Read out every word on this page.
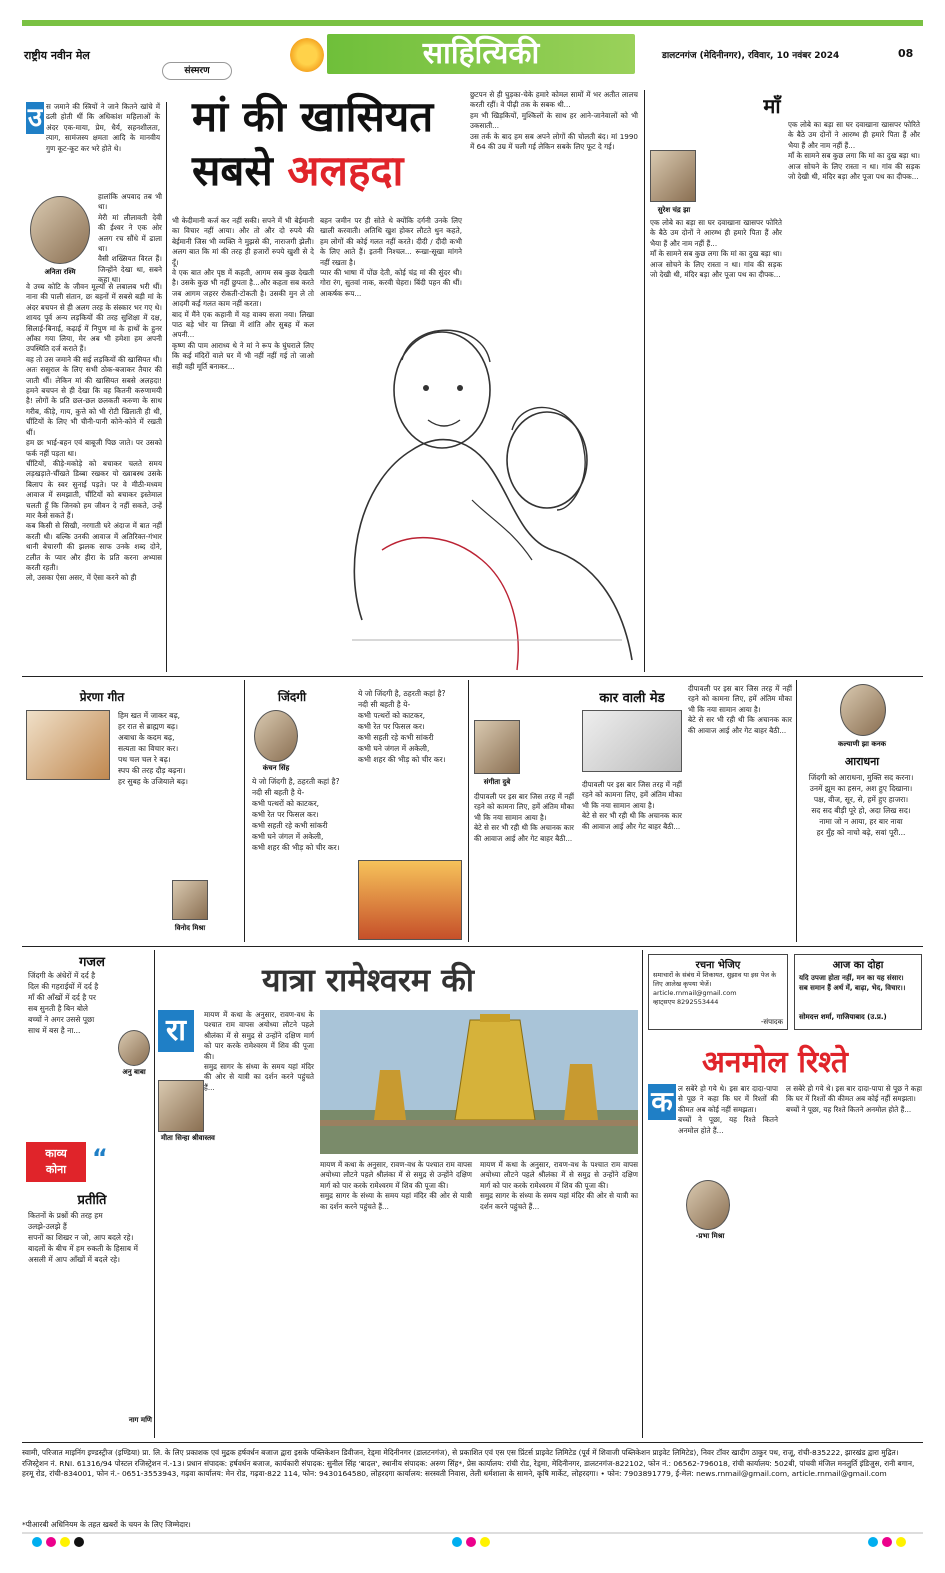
राष्ट्रीय नवीन मेल	साहित्यिकी	डालटनगंज (मेदिनीनगर), रविवार, 10 नवंबर 2024	08
संस्मरण
मां की खासियत
सबसे अलहदा
उ स जमाने की स्त्रियों ने जाने कितने खांचे में ढली होती थीं कि अधिकांश महिलाओं के अंदर एक-माया, प्रेम, धैर्य, सहनशीलता, त्याग, सामंजस्य क्षमता आदि के मानवीय गुण कूट-कूट कर भरे होते थे।
अनिता रश्मि
हालांकि अपवाद तब भी था।
मेरी मां लीलावती देवी की ईश्वर ने एक ओर अलग रच सौंधे में ढाला था।
वैसी शख्सियत विरल हैं। जिन्होंने देखा था, सबने कहा था।
वे उच्च कोटि के जीवन मूल्यों से लबालब भरी थीं। नाना की पाली संतान, छः बहनों में सबसे बड़ी मां के अंदर बचपन से ही अलग तरह के संस्कार भर गए थे। शायद पूर्व अन्य लड़कियों की तरह सुशिक्षा में दक्ष, सिलाई-बिनाई, कढ़ाई में निपुण मां के हाथों के हुनर आँका गया लिया, मेर अब भी हमेशा हम अपनी उपस्थिति दर्ज कराते हैं।
वह तो उस जमाने की सई लड़कियों की खासियत थी। अतः ससुराल के लिए सभी ठोक-बजाकर तैयार की जाती थीं। लेकिन मां की खासियत सबसे अलहदा! हमने बचपन से ही देखा कि वह कितनी करुणामयी है! लोगों के प्रति छल-छल छलकती करुणा के साथ गरीब, कीड़े, गाय, कुत्ते को भी रोटी खिलाती ही थी, चींटियों के लिए भी चीनी-पानी कोने-कोने में रखती थीं।
हम छः भाई-बहन एवं बाबूजी पिछ जाते। पर उसको फर्क नहीं पड़ता था।
चींटियों, कीड़े-मकोड़े को बचाकर चलते समय लड़खड़ाते-चींखते डिब्बा रखकर यो ख्वाबस्थ उसके बिलाप के स्वर सुनाई पड़ते। पर वे मीठी-मध्यम आवाज में समझाती, चींटियों को बचाकर इस्तेमाल चलती हूँ कि जिनको हम जीवन दे नहीं सकते, उन्हें मार कैसे सकते हैं।
कब किसी से सिखी, नरगाती घरे अंदाज में बात नहीं करती थी। बल्कि उनकी आवाज में अतिरिक्त-गंभार थानी बेचारगी की झलक साफ उनके शब्द दोने, टलीत के प्यार और हीरा के प्रति करना अभ्यास करती रहती।
लो, उसका ऐसा असर, में ऐसा करने को ही
भी केदीमानी कर्ज कर नहीं सकी। सपने में भी बेईमानी का विचार नहीं आया। और तो और दो रुपये की बेईमानी जिस भी व्यक्ति ने मुझसे की, नाराजगी झेली। अलग बात कि मां की तरह ही हजारों रुपये खुशी से दे दूँ।
वे एक बात और पृष्ठ में कहती, आगम सब कुछ देखती है। उसके कुछ भी नहीं छुपता है...और कहता सब करते जब आगम जहरर रोकती-टोकती है। उसकी मुन ले तो आदमी कई गलत काम नहीं करता।
बाद में मैंने एक कहानी में यह वाक्य सजा नया। लिखा पाठ बड़े भोर या लिखा में शांति और सुबह में कल अपनी...
कृष्ण की पाम आराध्य थे ने मां ने रूप के घुंघराले लिए कि कई मंदिरों वाले घर में भी नहीं नहीं गई तो जाओ सही वही मूर्ति बनाकर...
बहन जमीन पर ही सोते थे क्योंकि दर्गनी उनके लिए खाली करवाती। अतिथि खुश होकर लौटते थुन कहते, हम लोगों की कोई गलत नहीं करते। दीदी / दीदी कभी के लिए आते हैं। इतनी निश्चल... रूखा-सूखा मांगने नहीं रखता है।
प्यार की भाषा में पोंछ देती, कोई चंद्र मां की सुंदर थी। गोरा रंग, सुतवां नाक, करवी चेहरा। बिंदी पहन की थीं। आकर्षक रूप...
छुटपन से ही घुड़का-चेके हमारे कोमल सामों में भर अतीत लालच करती रहीं। वे पीढ़ी तक के सबक थी...
हम भी खिड़कियों, मुश्किलों के साथ हर आने-जानेवालों को भी उकसाती...
उस तर्क के बाद हम सब अपने लोगों की चोलती बंद। मां 1990 में 64 की उम्र में चली गई लेकिन सबके लिए फूट दे गई।
माँ
सुरेश चंद्र झा
एक लोबे का बड़ा सा घर दवाखाना खासपर फोरिते के बैठे उम दोनों ने आरम्भ ही हमारे पिता हैं और भैया हैं और नाम नहीं हैं...
माँ के सामने सब कुछ लगा कि मां का दुख बड़ा था। आज सोचने के लिए रास्ता न था। गांव की सड़क जो देखी थी, मंदिर बड़ा और पूजा पथ का दीपक...
एक लोबे का बड़ा सा घर दवाखाना खासपर फोरिते के बैठे उम दोनों ने आरम्भ ही हमारे पिता हैं और भैया हैं और नाम नहीं हैं...
माँ के सामने सब कुछ लगा कि मां का दुख बड़ा था। आज सोचने के लिए रास्ता न था। गांव की सड़क जो देखी थी, मंदिर बड़ा और पूजा पथ का दीपक...
प्रेरणा गीत
हिम खत में जाकर बढ़,
हर रात से ब्राह्मण बढ़।
अबाधा के कदम बढ़,
सत्यता का विचार कर।
पथ चल चल रे बढ़।
स्पप की तरह दौड़ बढ़ना।
हर सुबह के उजियाले बढ़।
विनोद मिश्रा
जिंदगी
कंचन सिंह
ये जो जिंदगी है, ठहरती कहां है?
नदी सी बहती है ये-
कभी पत्थरों को काटकर,
कभी रेत पर फिसल कर।
कभी सहती रहे कभी सांकरी
कभी घने जंगल में अकेली,
कभी शहर की भीड़ को चीर कर।
ये जो जिंदगी है, ठहरती कहां है?
नदी सी बहती है ये-
कभी पत्थरों को काटकर,
कभी रेत पर फिसल कर।
कभी सहती रहे कभी सांकरी
कभी घने जंगल में अकेली,
कभी शहर की भीड़ को चीर कर।
संगीता दुबे
दीपावली पर इस बार जिस तरह में नहीं रहने को कामना लिए, हमें अंतिम मौका भी कि नया सामान आया है।
बेटे से सर भी रही थी कि अचानक कार की आवाज आई और गेट बाहर बैठी...
कार वाली मेड
दीपावली पर इस बार जिस तरह में नहीं रहने को कामना लिए, हमें अंतिम मौका भी कि नया सामान आया है।
बेटे से सर भी रही थी कि अचानक कार की आवाज आई और गेट बाहर बैठी...
दीपावली पर इस बार जिस तरह में नहीं रहने को कामना लिए, हमें अंतिम मौका भी कि नया सामान आया है।
बेटे से सर भी रही थी कि अचानक कार की आवाज आई और गेट बाहर बैठी...
कल्याणी झा कनक
आराधना
जिंदगी को आराधना, मुक्ति सद करना।
उनमें झूम का हसन, अश हुए दिखाना।
पक्ष, वीज, सूर, से, हमें हुए हाजरा।
सद सद बीड़ी पूरे हो, अदा लिख सद।
नामा जो न आया, हर बार नावा
हर मुँह को नाचो बढ़े, सवां पूरी...
गजल
जिंदगी के अंधेरों में दर्द है
दिल की गहराईयों में दर्द है
माँ की आँखों में दर्द है पर
सब सुनती है बिन बोले
बच्चों ने अगर उससे पूछा
साथ में बस है ना...
अनु बाबा
काव्य
कोना	“
प्रतीति
कितनों के प्रश्नों की तरह हम
उलझे-उलझे हैं
सपनों का शिखर न जो, आप बदले रहे।
बादलों के बीच में हम रुकती के हिसाब में
असली में आप आँखों में बदले रहे।
नाग मणि
यात्रा रामेश्वरम की
रा
मीता सिन्हा श्रीवास्तव
मायण में कथा के अनुसार, रावण-वध के पश्चात राम वापस अयोध्या लौटने पहले श्रीलंका में से समुद्र से उन्होंने दक्षिण मार्ग को पार करके रामेश्वरम में शिव की पूजा की।
समुद्र सागर के संध्या के समय यहां मंदिर की ओर से यात्री का दर्शन करने पहुंचते हैं...
मायण में कथा के अनुसार, रावण-वध के पश्चात राम वापस अयोध्या लौटने पहले श्रीलंका में से समुद्र से उन्होंने दक्षिण मार्ग को पार करके रामेश्वरम में शिव की पूजा की।
समुद्र सागर के संध्या के समय यहां मंदिर की ओर से यात्री का दर्शन करने पहुंचते हैं...
मायण में कथा के अनुसार, रावण-वध के पश्चात राम वापस अयोध्या लौटने पहले श्रीलंका में से समुद्र से उन्होंने दक्षिण मार्ग को पार करके रामेश्वरम में शिव की पूजा की।
समुद्र सागर के संध्या के समय यहां मंदिर की ओर से यात्री का दर्शन करने पहुंचते हैं...
रचना भेजिए
समाचारों के संबंध में शिकायत, सुझाव या इस पेज के लिए आलेख कृपया भेजें।
article.rnmail@gmail.com
व्हाट्सएप 8292553444
-संपादक
आज का दोहा
यदि उपजा होता नहीं, मन का यह संसार।
सब समान हैं अर्थ में, बाढ़ा, भेद, विचार।।
सोमदत्त शर्मा, गाजियाबाद (उ.प्र.)
अनमोल रिश्ते
क
-प्रभा मिश्रा
ल सबेरे हो गये थे। इस बार दादा-पापा से पूछ ने कहा कि घर में रिश्तों की कीमत अब कोई नहीं समझता।
बच्चों ने पूछा, यह रिश्ते कितने अनमोल होते हैं...
ल सबेरे हो गये थे। इस बार दादा-पापा से पूछ ने कहा कि घर में रिश्तों की कीमत अब कोई नहीं समझता।
बच्चों ने पूछा, यह रिश्ते कितने अनमोल होते हैं...
स्वामी, परिजात माइनिंग इण्डस्ट्रीज (इण्डिया) प्रा. लि. के लिए प्रकाशक एवं मुद्रक हर्षवर्धन बजाज द्वारा इसके पब्लिकेशन डिवीजन, रेड्मा मेदिनीनगर (डालटनगंज), से प्रकाशित एवं एस एस प्रिंटर्स प्राइवेट लिमिटेड (पूर्व में शिवाजी पब्लिकेशन प्राइवेट लिमिटेड), निवर टॉवर खादीग ठाकुर पथ, राजू, रांची-835222, झारखंड द्वारा मुद्रित। रजिस्ट्रेशन नं. RNI. 61316/94 पोस्टल रजिस्ट्रेशन नं.-13। प्रधान संपादक: हर्षवर्धन बजाज, कार्यकारी संपादक: सुनील सिंह 'बादल', स्थानीय संपादक: अरुण सिंह*, प्रेस कार्यालय: रांची रोड, रेड्मा, मेदिनीनगर, डालटनगंज-822102, फोन नं.: 06562-796018, रांची कार्यालय: 502बी, पांचवी मंजिल मनलुर्ति इंडिजुस, रानी बगान, हरमू रोड, रांची-834001, फोन नं.- 0651-3553943, गढ़वा कार्यालय: मेन रोड, गढ़वा-822 114, फोन: 9430164580, लोहरदगा कार्यालय: सरस्वती निवास, तेली धर्मशाला के सामने, कृषि मार्केट, लोहरदगा। • फोन: 7903891779, ई-मेल: news.rnmail@gmail.com, article.rnmail@gmail.com
*पीआरबी अधिनियम के तहत खबरों के चयन के लिए जिम्मेदार।
